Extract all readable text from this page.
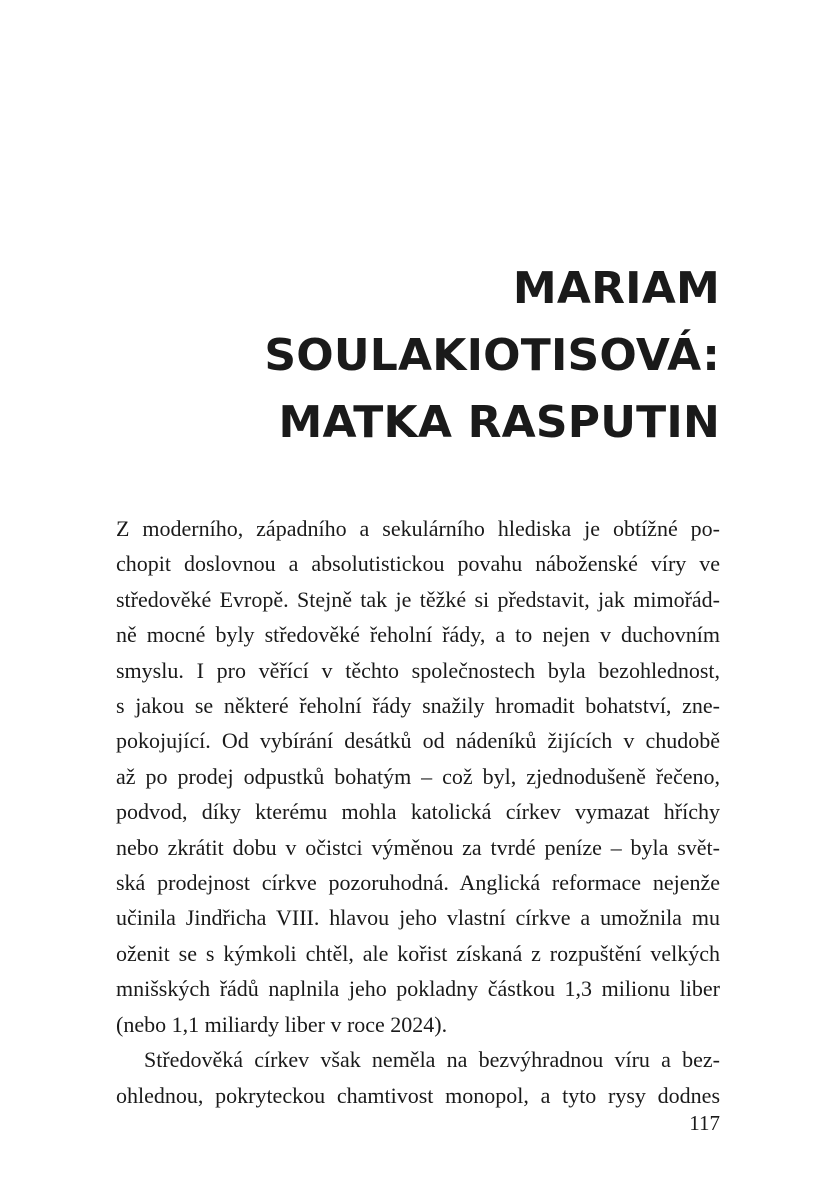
MARIAM
SOULAKIOTISOVÁ:
MATKA RASPUTIN
Z moderního, západního a sekulárního hlediska je obtížné po-
chopit doslovnou a absolutistickou povahu náboženské víry ve
středověké Evropě. Stejně tak je těžké si představit, jak mimořád-
ně mocné byly středověké řeholní řády, a to nejen v duchovním
smyslu. I pro věřící v těchto společnostech byla bezohlednost,
s jakou se některé řeholní řády snažily hromadit bohatství, zne-
pokojující. Od vybírání desátků od nádeníků žijících v chudobě
až po prodej odpustků bohatým – což byl, zjednodušeně řečeno,
podvod, díky kterému mohla katolická církev vymazat hříchy
nebo zkrátit dobu v očistci výměnou za tvrdé peníze – byla svět-
ská prodejnost církve pozoruhodná. Anglická reformace nejenže
učinila Jindřicha VIII. hlavou jeho vlastní církve a umožnila mu
oženit se s kýmkoli chtěl, ale kořist získaná z rozpuštění velkých
mnišských řádů naplnila jeho pokladny částkou 1,3 milionu liber
(nebo 1,1 miliardy liber v roce 2024).
Středověká církev však neměla na bezvýhradnou víru a bez-
ohlednou, pokryteckou chamtivost monopol, a tyto rysy dodnes
117
